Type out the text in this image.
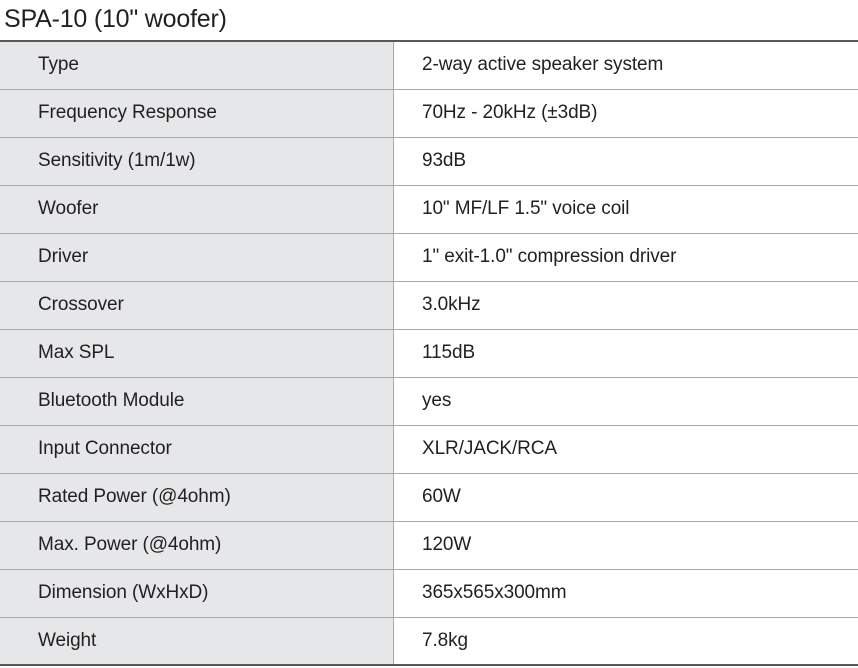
SPA-10 (10" woofer)
Type	2-way active speaker system
Frequency Response	70Hz - 20kHz (±3dB)
Sensitivity (1m/1w)	93dB
Woofer	10" MF/LF 1.5" voice coil
Driver	1" exit-1.0" compression driver
Crossover	3.0kHz
Max SPL	115dB
Bluetooth Module	yes
Input Connector	XLR/JACK/RCA
Rated Power (@4ohm)	60W
Max. Power (@4ohm)	120W
Dimension (WxHxD)	365x565x300mm
Weight	7.8kg
